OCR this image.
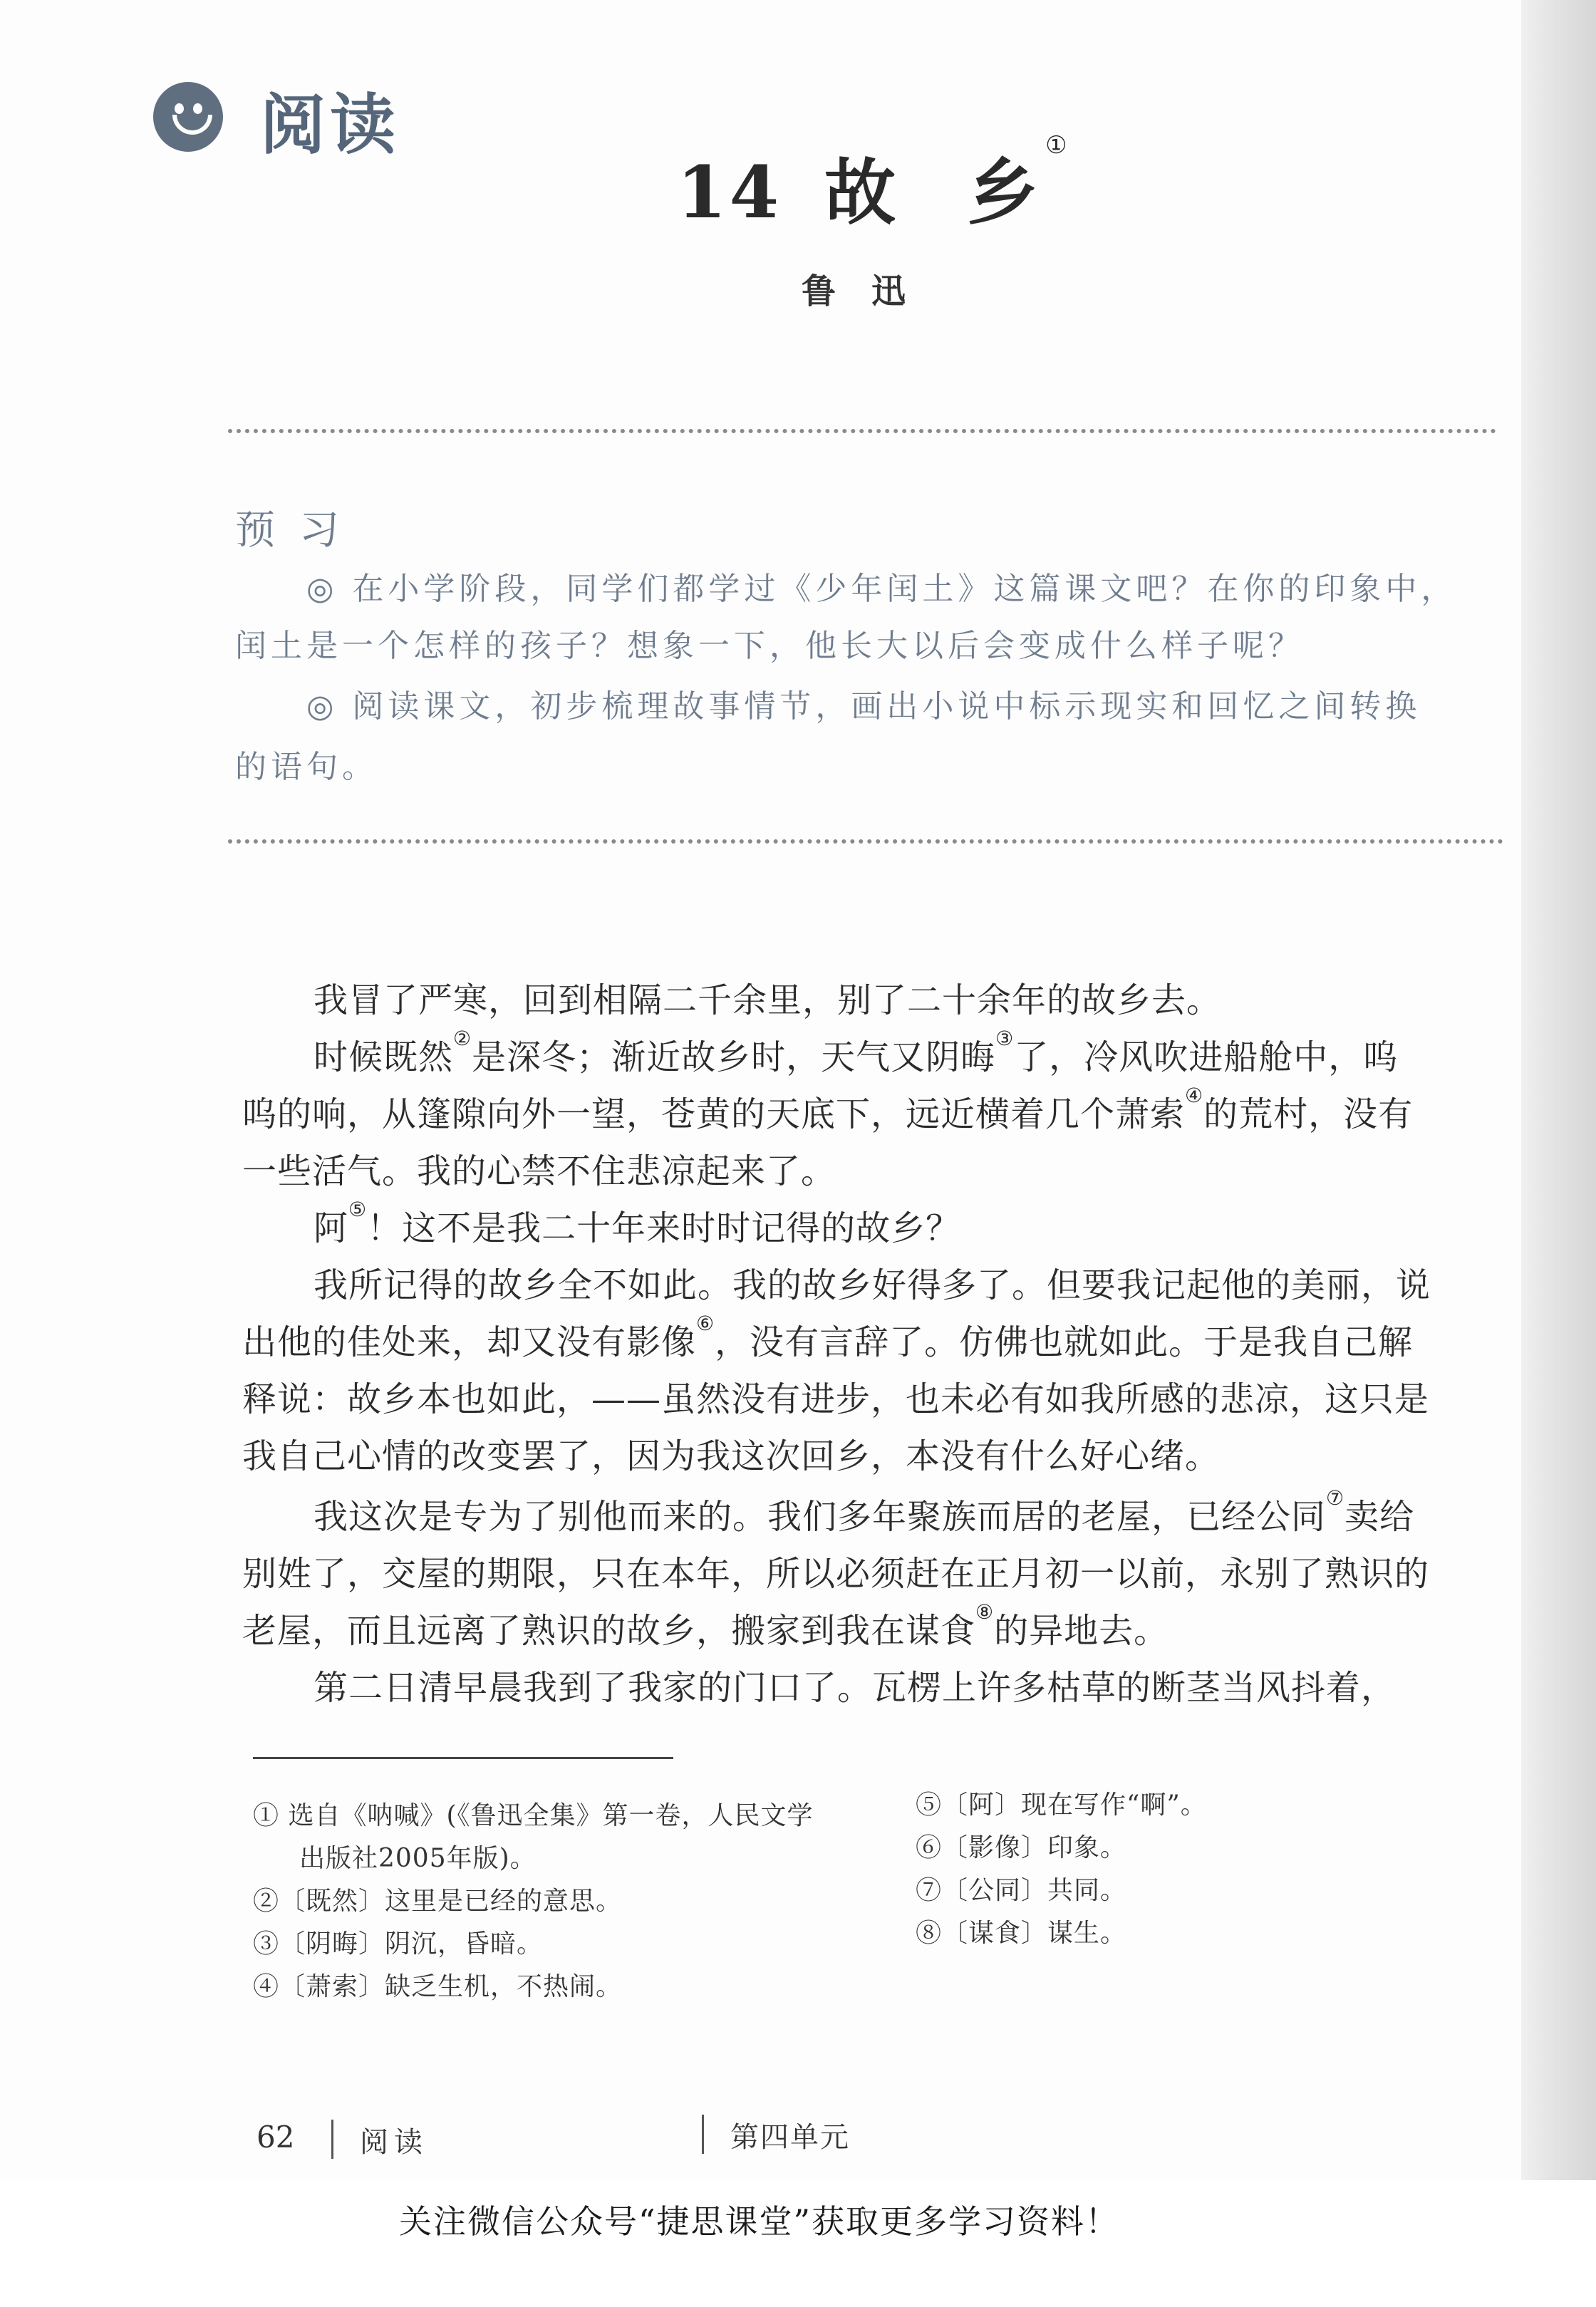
阅读
14 故 乡①
鲁迅
预习
◎ 在小学阶段，同学们都学过《少年闰土》这篇课文吧？在你的印象中，
闰土是一个怎样的孩子？想象一下，他长大以后会变成什么样子呢？
◎ 阅读课文，初步梳理故事情节，画出小说中标示现实和回忆之间转换
的语句。
我冒了严寒，回到相隔二千余里，别了二十余年的故乡去。
时候既然②是深冬；渐近故乡时，天气又阴晦③了，冷风吹进船舱中，呜
呜的响，从篷隙向外一望，苍黄的天底下，远近横着几个萧索④的荒村，没有
一些活气。我的心禁不住悲凉起来了。
阿⑤！这不是我二十年来时时记得的故乡？
我所记得的故乡全不如此。我的故乡好得多了。但要我记起他的美丽，说
出他的佳处来，却又没有影像⑥，没有言辞了。仿佛也就如此。于是我自己解
释说：故乡本也如此，——虽然没有进步，也未必有如我所感的悲凉，这只是
我自己心情的改变罢了，因为我这次回乡，本没有什么好心绪。
我这次是专为了别他而来的。我们多年聚族而居的老屋，已经公同⑦卖给
别姓了，交屋的期限，只在本年，所以必须赶在正月初一以前，永别了熟识的
老屋，而且远离了熟识的故乡，搬家到我在谋食⑧的异地去。
第二日清早晨我到了我家的门口了。瓦楞上许多枯草的断茎当风抖着，
① 选自《呐喊》(《鲁迅全集》第一卷，人民文学
出版社2005年版)。
②〔既然〕这里是已经的意思。
③〔阴晦〕阴沉，昏暗。
④〔萧索〕缺乏生机，不热闹。
⑤〔阿〕现在写作“啊”。
⑥〔影像〕印象。
⑦〔公同〕共同。
⑧〔谋食〕谋生。
62 阅读	第四单元
关注微信公众号“捷思课堂”获取更多学习资料！
